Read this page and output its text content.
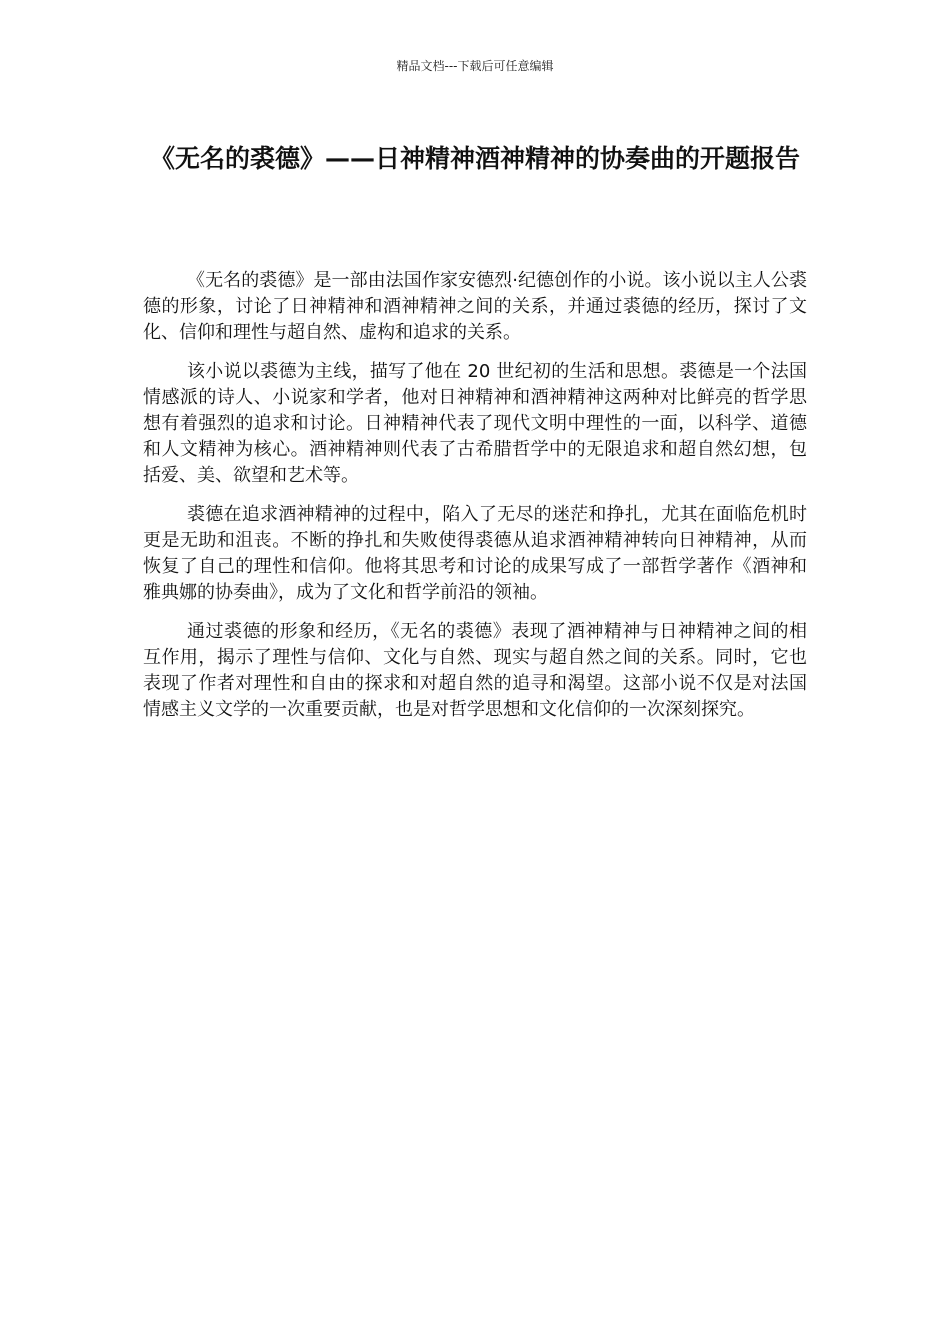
精品文档---下载后可任意编辑
《无名的裘德》——日神精神酒神精神的协奏曲的开题报告

《无名的裘德》是一部由法国作家安德烈·纪德创作的小说。该小说以主人公裘德的形象，讨论了日神精神和酒神精神之间的关系，并通过裘德的经历，探讨了文化、信仰和理性与超自然、虚构和追求的关系。

该小说以裘德为主线，描写了他在 20 世纪初的生活和思想。裘德是一个法国情感派的诗人、小说家和学者，他对日神精神和酒神精神这两种对比鲜亮的哲学思想有着强烈的追求和讨论。日神精神代表了现代文明中理性的一面，以科学、道德和人文精神为核心。酒神精神则代表了古希腊哲学中的无限追求和超自然幻想，包括爱、美、欲望和艺术等。

裘德在追求酒神精神的过程中，陷入了无尽的迷茫和挣扎，尤其在面临危机时更是无助和沮丧。不断的挣扎和失败使得裘德从追求酒神精神转向日神精神，从而恢复了自己的理性和信仰。他将其思考和讨论的成果写成了一部哲学著作《酒神和雅典娜的协奏曲》，成为了文化和哲学前沿的领袖。

通过裘德的形象和经历，《无名的裘德》表现了酒神精神与日神精神之间的相互作用，揭示了理性与信仰、文化与自然、现实与超自然之间的关系。同时，它也表现了作者对理性和自由的探求和对超自然的追寻和渴望。这部小说不仅是对法国情感主义文学的一次重要贡献，也是对哲学思想和文化信仰的一次深刻探究。
